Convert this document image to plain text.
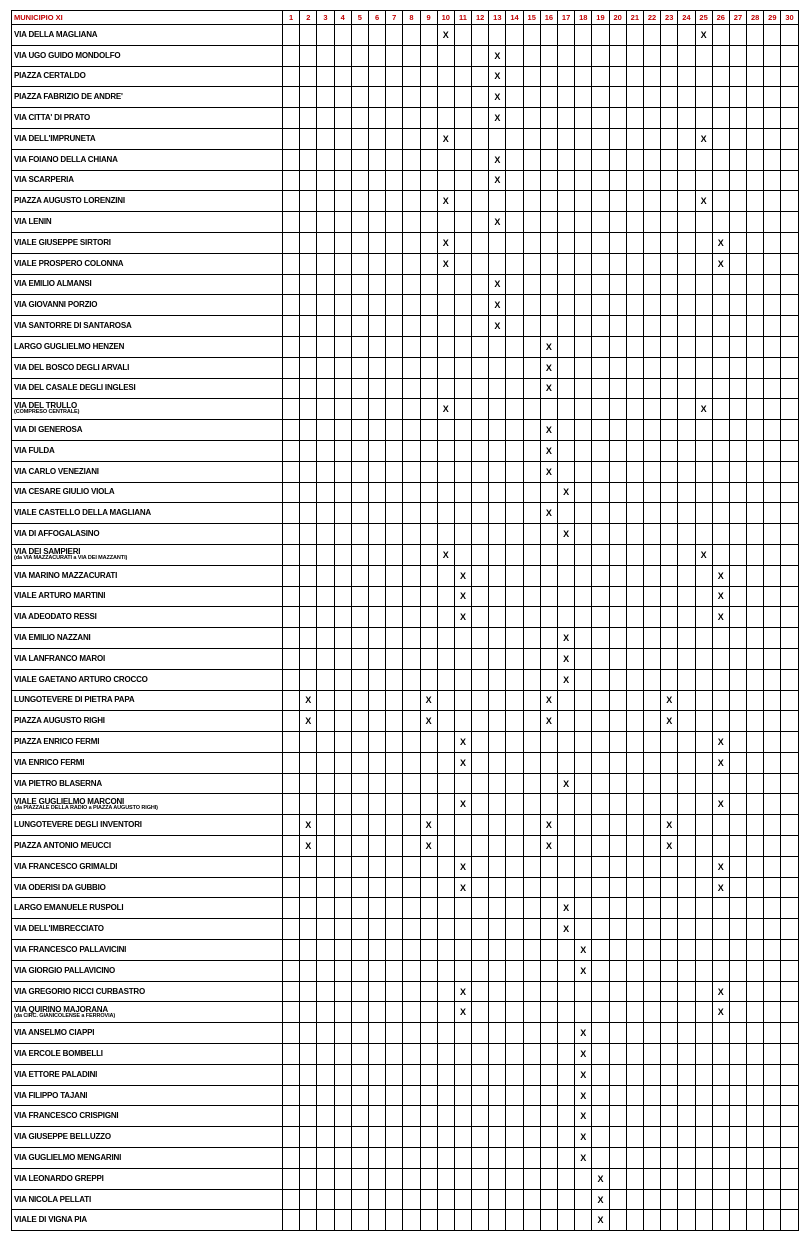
MUNICIPIO XI	1	2	3	4	5	6	7	8	9	10	11	12	13	14	15	16	17	18	19	20	21	22	23	24	25	26	27	28	29	30
VIA DELLA MAGLIANA										X															X					
VIA UGO GUIDO MONDOLFO													X																	
PIAZZA CERTALDO													X																	
PIAZZA FABRIZIO DE ANDRE'													X																	
VIA CITTA' DI PRATO													X																	
VIA DELL'IMPRUNETA										X															X					
VIA FOIANO DELLA CHIANA													X																	
VIA SCARPERIA													X																	
PIAZZA AUGUSTO LORENZINI										X															X					
VIA LENIN													X																	
VIALE GIUSEPPE SIRTORI										X																X				
VIALE PROSPERO COLONNA										X																X				
VIA EMILIO ALMANSI													X																	
VIA GIOVANNI PORZIO													X																	
VIA SANTORRE DI SANTAROSA													X																	
LARGO GUGLIELMO HENZEN																X														
VIA DEL BOSCO DEGLI ARVALI																X														
VIA DEL CASALE DEGLI INGLESI																X														
VIA DEL TRULLO
(COMPRESO CENTRALE)										X															X					
VIA DI GENEROSA																X														
VIA FULDA																X														
VIA CARLO VENEZIANI																X														
VIA CESARE GIULIO VIOLA																	X													
VIALE CASTELLO DELLA MAGLIANA																X														
VIA DI AFFOGALASINO																	X													
VIA DEI SAMPIERI
(da VIA MAZZACURATI a VIA DEI MAZZANTI)										X															X					
VIA MARINO MAZZACURATI											X															X				
VIALE ARTURO MARTINI											X															X				
VIA ADEODATO RESSI											X															X				
VIA EMILIO NAZZANI																	X													
VIA LANFRANCO MAROI																	X													
VIALE GAETANO ARTURO CROCCO																	X													
LUNGOTEVERE DI PIETRA PAPA		X							X							X							X							
PIAZZA AUGUSTO RIGHI		X							X							X							X							
PIAZZA ENRICO FERMI											X															X				
VIA ENRICO FERMI											X															X				
VIA PIETRO BLASERNA																	X													
VIALE GUGLIELMO MARCONI
(da PIAZZALE DELLA RADIO a PIAZZA AUGUSTO RIGHI)											X															X				
LUNGOTEVERE DEGLI INVENTORI		X							X							X							X							
PIAZZA ANTONIO MEUCCI		X							X							X							X							
VIA FRANCESCO GRIMALDI											X															X				
VIA ODERISI DA GUBBIO											X															X				
LARGO EMANUELE RUSPOLI																	X													
VIA DELL'IMBRECCIATO																	X													
VIA FRANCESCO PALLAVICINI																		X												
VIA GIORGIO PALLAVICINO																		X												
VIA GREGORIO RICCI CURBASTRO											X															X				
VIA QUIRINO MAJORANA
(da CIRC. GIANICOLENSE a FERROVIA)											X															X				
VIA ANSELMO CIAPPI																		X												
VIA ERCOLE BOMBELLI																		X												
VIA ETTORE PALADINI																		X												
VIA FILIPPO TAJANI																		X												
VIA FRANCESCO CRISPIGNI																		X												
VIA GIUSEPPE BELLUZZO																		X												
VIA GUGLIELMO MENGARINI																		X												
VIA LEONARDO GREPPI																			X											
VIA NICOLA PELLATI																			X											
VIALE DI VIGNA PIA																			X											
